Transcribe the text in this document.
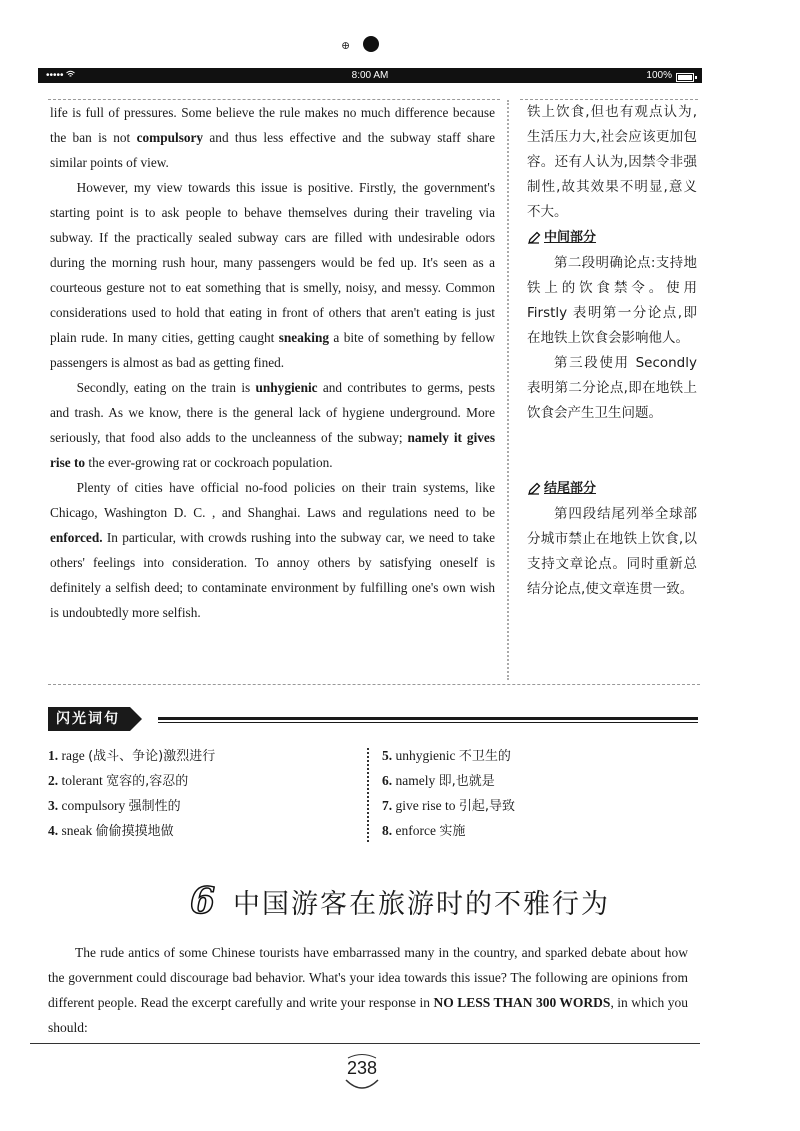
⊕
•••••	8:00 AM	100%

life is full of pressures. Some believe the rule makes no much difference because the ban is not compulsory and thus less effective and the subway staff share similar points of view.

However, my view towards this issue is positive. Firstly, the government's starting point is to ask people to behave themselves during their traveling via subway. If the practically sealed subway cars are filled with undesirable odors during the morning rush hour, many passengers would be fed up. It's seen as a courteous gesture not to eat something that is smelly, noisy, and messy. Common considerations used to hold that eating in front of others that aren't eating is just plain rude. In many cities, getting caught sneaking a bite of something by fellow passengers is almost as bad as getting fined.

Secondly, eating on the train is unhygienic and contributes to germs, pests and trash. As we know, there is the general lack of hygiene underground. More seriously, that food also adds to the uncleanness of the subway; namely it gives rise to the ever-growing rat or cockroach population.

Plenty of cities have official no-food policies on their train systems, like Chicago, Washington D. C. , and Shanghai. Laws and regulations need to be enforced. In particular, with crowds rushing into the subway car, we need to take others' feelings into consideration. To annoy others by satisfying oneself is definitely a selfish deed; to contaminate environment by fulfilling one's own wish is undoubtedly more selfish.

铁上饮食,但也有观点认为,生活压力大,社会应该更加包容。还有人认为,因禁令非强制性,故其效果不明显,意义不大。

中间部分

第二段明确论点:支持地铁上的饮食禁令。使用 Firstly 表明第一分论点,即在地铁上饮食会影响他人。

第三段使用 Secondly 表明第二分论点,即在地铁上饮食会产生卫生问题。

结尾部分

第四段结尾列举全球部分城市禁止在地铁上饮食,以支持文章论点。同时重新总结分论点,使文章连贯一致。

闪光词句
1. rage (战斗、争论)激烈进行
2. tolerant 宽容的,容忍的
3. compulsory 强制性的
4. sneak 偷偷摸摸地做
5. unhygienic 不卫生的
6. namely 即,也就是
7. give rise to 引起,导致
8. enforce 实施
6 中国游客在旅游时的不雅行为

The rude antics of some Chinese tourists have embarrassed many in the country, and sparked debate about how the government could discourage bad behavior. What's your idea towards this issue? The following are opinions from different people. Read the excerpt carefully and write your response in NO LESS THAN 300 WORDS, in which you should:

238
